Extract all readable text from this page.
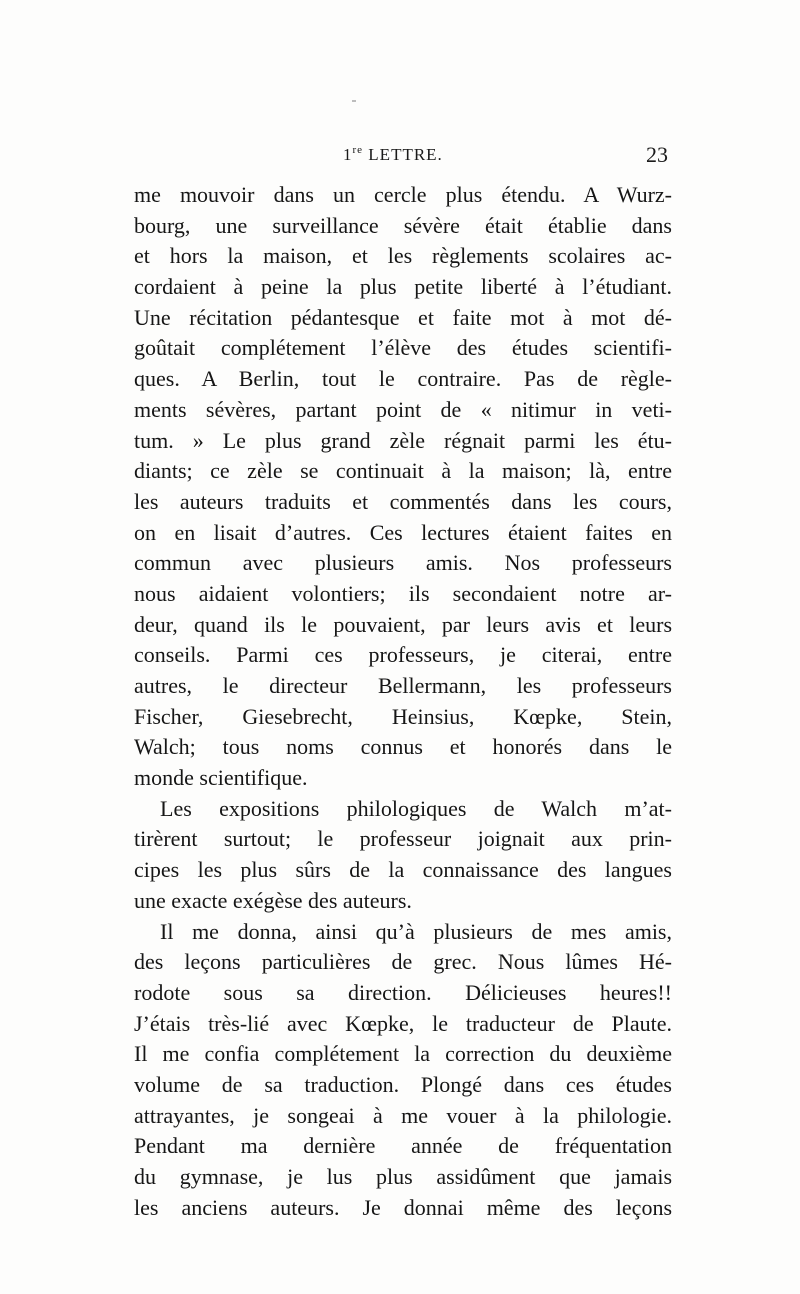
1re LETTRE.	23
me mouvoir dans un cercle plus étendu. A Wurz-
bourg, une surveillance sévère était établie dans
et hors la maison, et les règlements scolaires ac-
cordaient à peine la plus petite liberté à l’étudiant.
Une récitation pédantesque et faite mot à mot dé-
goûtait complétement l’élève des études scientifi-
ques. A Berlin, tout le contraire. Pas de règle-
ments sévères, partant point de « nitimur in veti-
tum. » Le plus grand zèle régnait parmi les étu-
diants; ce zèle se continuait à la maison; là, entre
les auteurs traduits et commentés dans les cours,
on en lisait d’autres. Ces lectures étaient faites en
commun avec plusieurs amis. Nos professeurs
nous aidaient volontiers; ils secondaient notre ar-
deur, quand ils le pouvaient, par leurs avis et leurs
conseils. Parmi ces professeurs, je citerai, entre
autres, le directeur Bellermann, les professeurs
Fischer, Giesebrecht, Heinsius, Kœpke, Stein,
Walch; tous noms connus et honorés dans le
monde scientifique.
Les expositions philologiques de Walch m’at-
tirèrent surtout; le professeur joignait aux prin-
cipes les plus sûrs de la connaissance des langues
une exacte exégèse des auteurs.
Il me donna, ainsi qu’à plusieurs de mes amis,
des leçons particulières de grec. Nous lûmes Hé-
rodote sous sa direction. Délicieuses heures!!
J’étais très-lié avec Kœpke, le traducteur de Plaute.
Il me confia complétement la correction du deuxième
volume de sa traduction. Plongé dans ces études
attrayantes, je songeai à me vouer à la philologie.
Pendant ma dernière année de fréquentation
du gymnase, je lus plus assidûment que jamais
les anciens auteurs. Je donnai même des leçons
